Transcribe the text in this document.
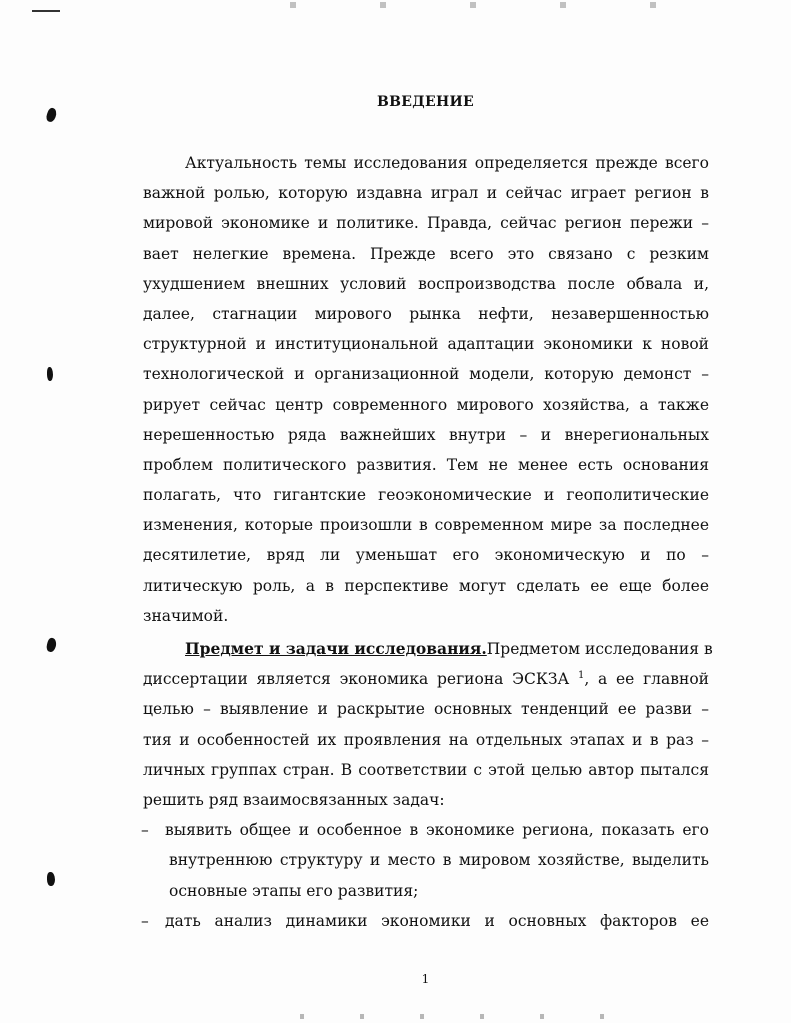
ВВЕДЕНИЕ
Актуальность темы исследования определяется прежде всего
важной ролью, которую издавна играл и сейчас играет регион в
мировой экономике и политике. Правда, сейчас регион пережи –
вает нелегкие времена. Прежде всего это связано с резким
ухудшением внешних условий воспроизводства после обвала и,
далее, стагнации мирового рынка нефти, незавершенностью
структурной и институциональной адаптации экономики к новой
технологической и организационной модели, которую демонст –
рирует сейчас центр современного мирового хозяйства, а также
нерешенностью ряда важнейших внутри – и внерегиональных
проблем политического развития. Тем не менее есть основания
полагать, что гигантские геоэкономические и геополитические
изменения, которые произошли в современном мире за последнее
десятилетие, вряд ли уменьшат его экономическую и по –
литическую роль, а в перспективе могут сделать ее еще более
значимой.
Предмет и задачи исследования. Предметом исследования в
диссертации является экономика региона ЭСКЗА $^1$, а ее главной
целью – выявление и раскрытие основных тенденций ее разви –
тия и особенностей их проявления на отдельных этапах и в раз –
личных группах стран. В соответствии с этой целью автор пытался
решить ряд взаимосвязанных задач:
–	выявить общее и особенное в экономике региона, показать его
внутреннюю структуру и место в мировом хозяйстве, выделить
основные этапы его развития;
–	дать анализ динамики экономики и основных факторов ее
1
